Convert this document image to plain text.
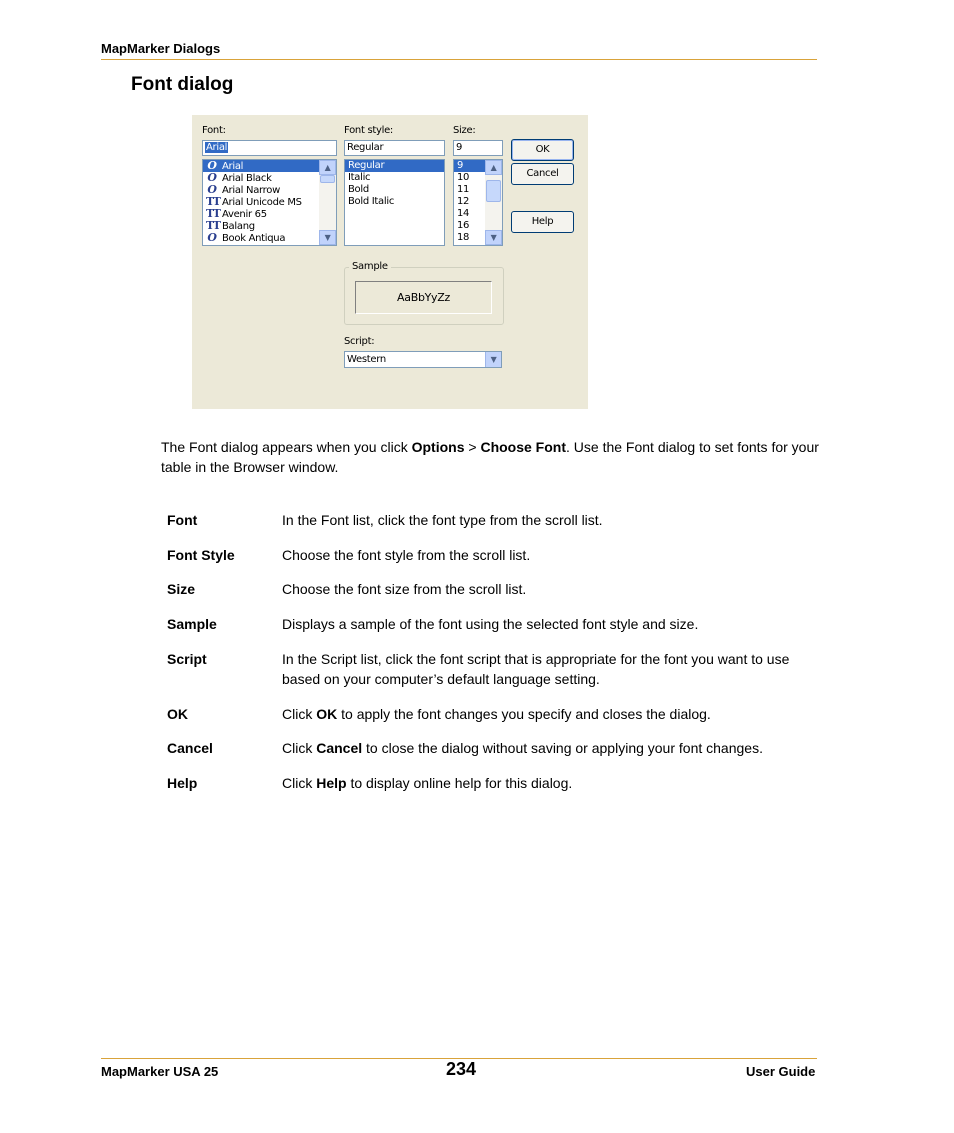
MapMarker Dialogs
Font dialog
Font:
Arial
O Arial
O Arial Black
O Arial Narrow
TT Arial Unicode MS
TT Avenir 65
TT Balang
O Book Antiqua
▲
▼
Font style:
Regular
Regular
Italic
Bold
Bold Italic
Size:
9
9
10
11
12
14
16
18
▲
▼
OK
Cancel
Help
Sample
AaBbYyZz
Script:
Western	▼
The Font dialog appears when you click Options > Choose Font. Use the Font dialog to set fonts for your table in the Browser window.
Font	In the Font list, click the font type from the scroll list.
Font Style	Choose the font style from the scroll list.
Size	Choose the font size from the scroll list.
Sample	Displays a sample of the font using the selected font style and size.
Script	In the Script list, click the font script that is appropriate for the font you want to use based on your computer’s default language setting.
OK	Click OK to apply the font changes you specify and closes the dialog.
Cancel	Click Cancel to close the dialog without saving or applying your font changes.
Help	Click Help to display online help for this dialog.
MapMarker USA 25	234	User Guide
